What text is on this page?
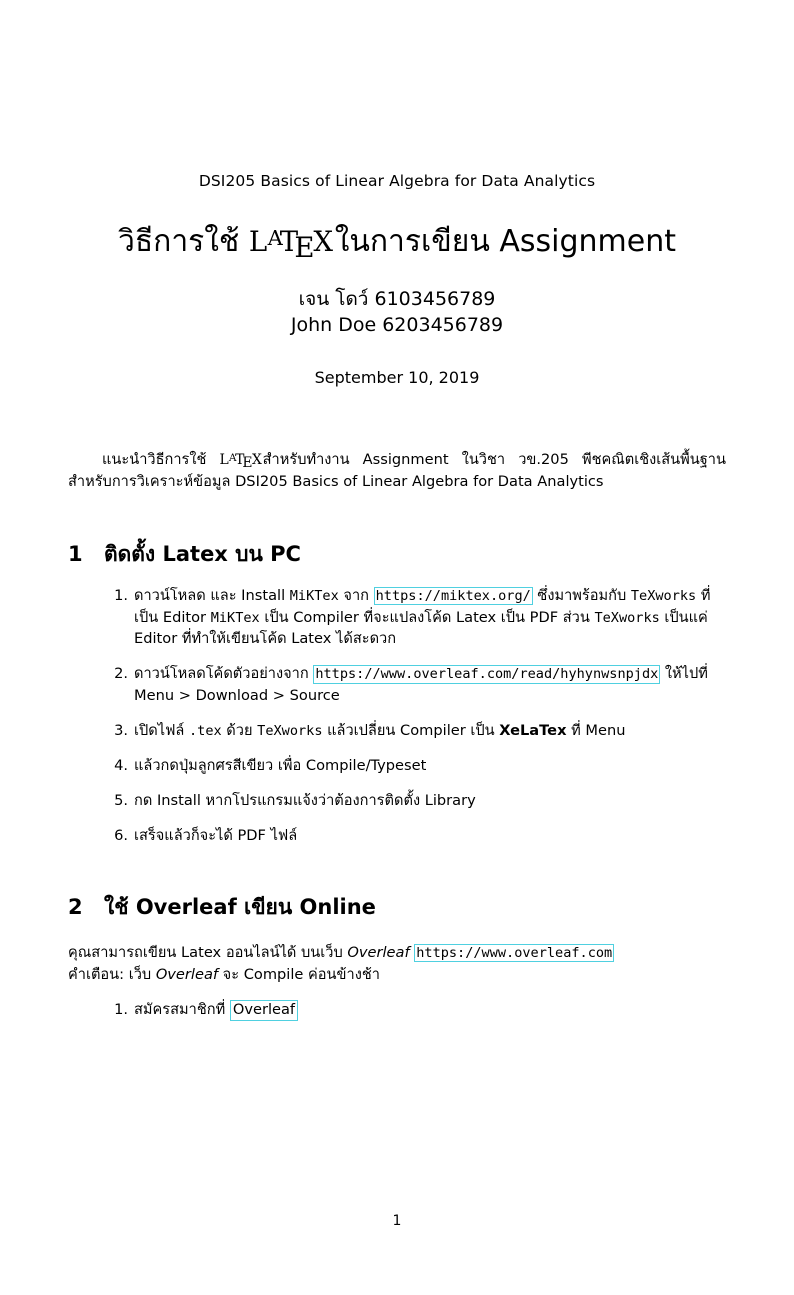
DSI205 Basics of Linear Algebra for Data Analytics
วิธีการใช้ $L^ATEX$ในการเขียน Assignment
เจน โดว์ 6103456789
John Doe 6203456789
September 10, 2019
แนะนำวิธีการใช้ $L^ATEX$สำหรับทำงาน Assignment ในวิชา วข.205 พีชคณิตเชิงเส้นพื้นฐานสำหรับการวิเคราะห์ข้อมูล DSI205 Basics of Linear Algebra for Data Analytics
1 ติดตั้ง Latex บน PC
1. ดาวน์โหลด และ Install MiKTex จาก https://miktex.org/ ซึ่งมาพร้อมกับ TeXworks ที่เป็น Editor MiKTex เป็น Compiler ที่จะแปลงโค้ด Latex เป็น PDF ส่วน TeXworks เป็นแค่ Editor ที่ทำให้เขียนโค้ด Latex ได้สะดวก
2. ดาวน์โหลดโค้ดตัวอย่างจาก https://www.overleaf.com/read/hyhynwsnpjdx ให้ไปที่ Menu > Download > Source
3. เปิดไฟล์ .tex ด้วย TeXworks แล้วเปลี่ยน Compiler เป็น XeLaTex ที่ Menu
4. แล้วกดปุ่มลูกศรสีเขียว เพื่อ Compile/Typeset
5. กด Install หากโปรแกรมแจ้งว่าต้องการติดตั้ง Library
6. เสร็จแล้วก็จะได้ PDF ไฟล์
2 ใช้ Overleaf เขียน Online
คุณสามารถเขียน Latex ออนไลน์ได้ บนเว็บ Overleaf https://www.overleaf.com
คำเตือน: เว็บ Overleaf จะ Compile ค่อนข้างช้า
1. สมัครสมาชิกที่ Overleaf
1
